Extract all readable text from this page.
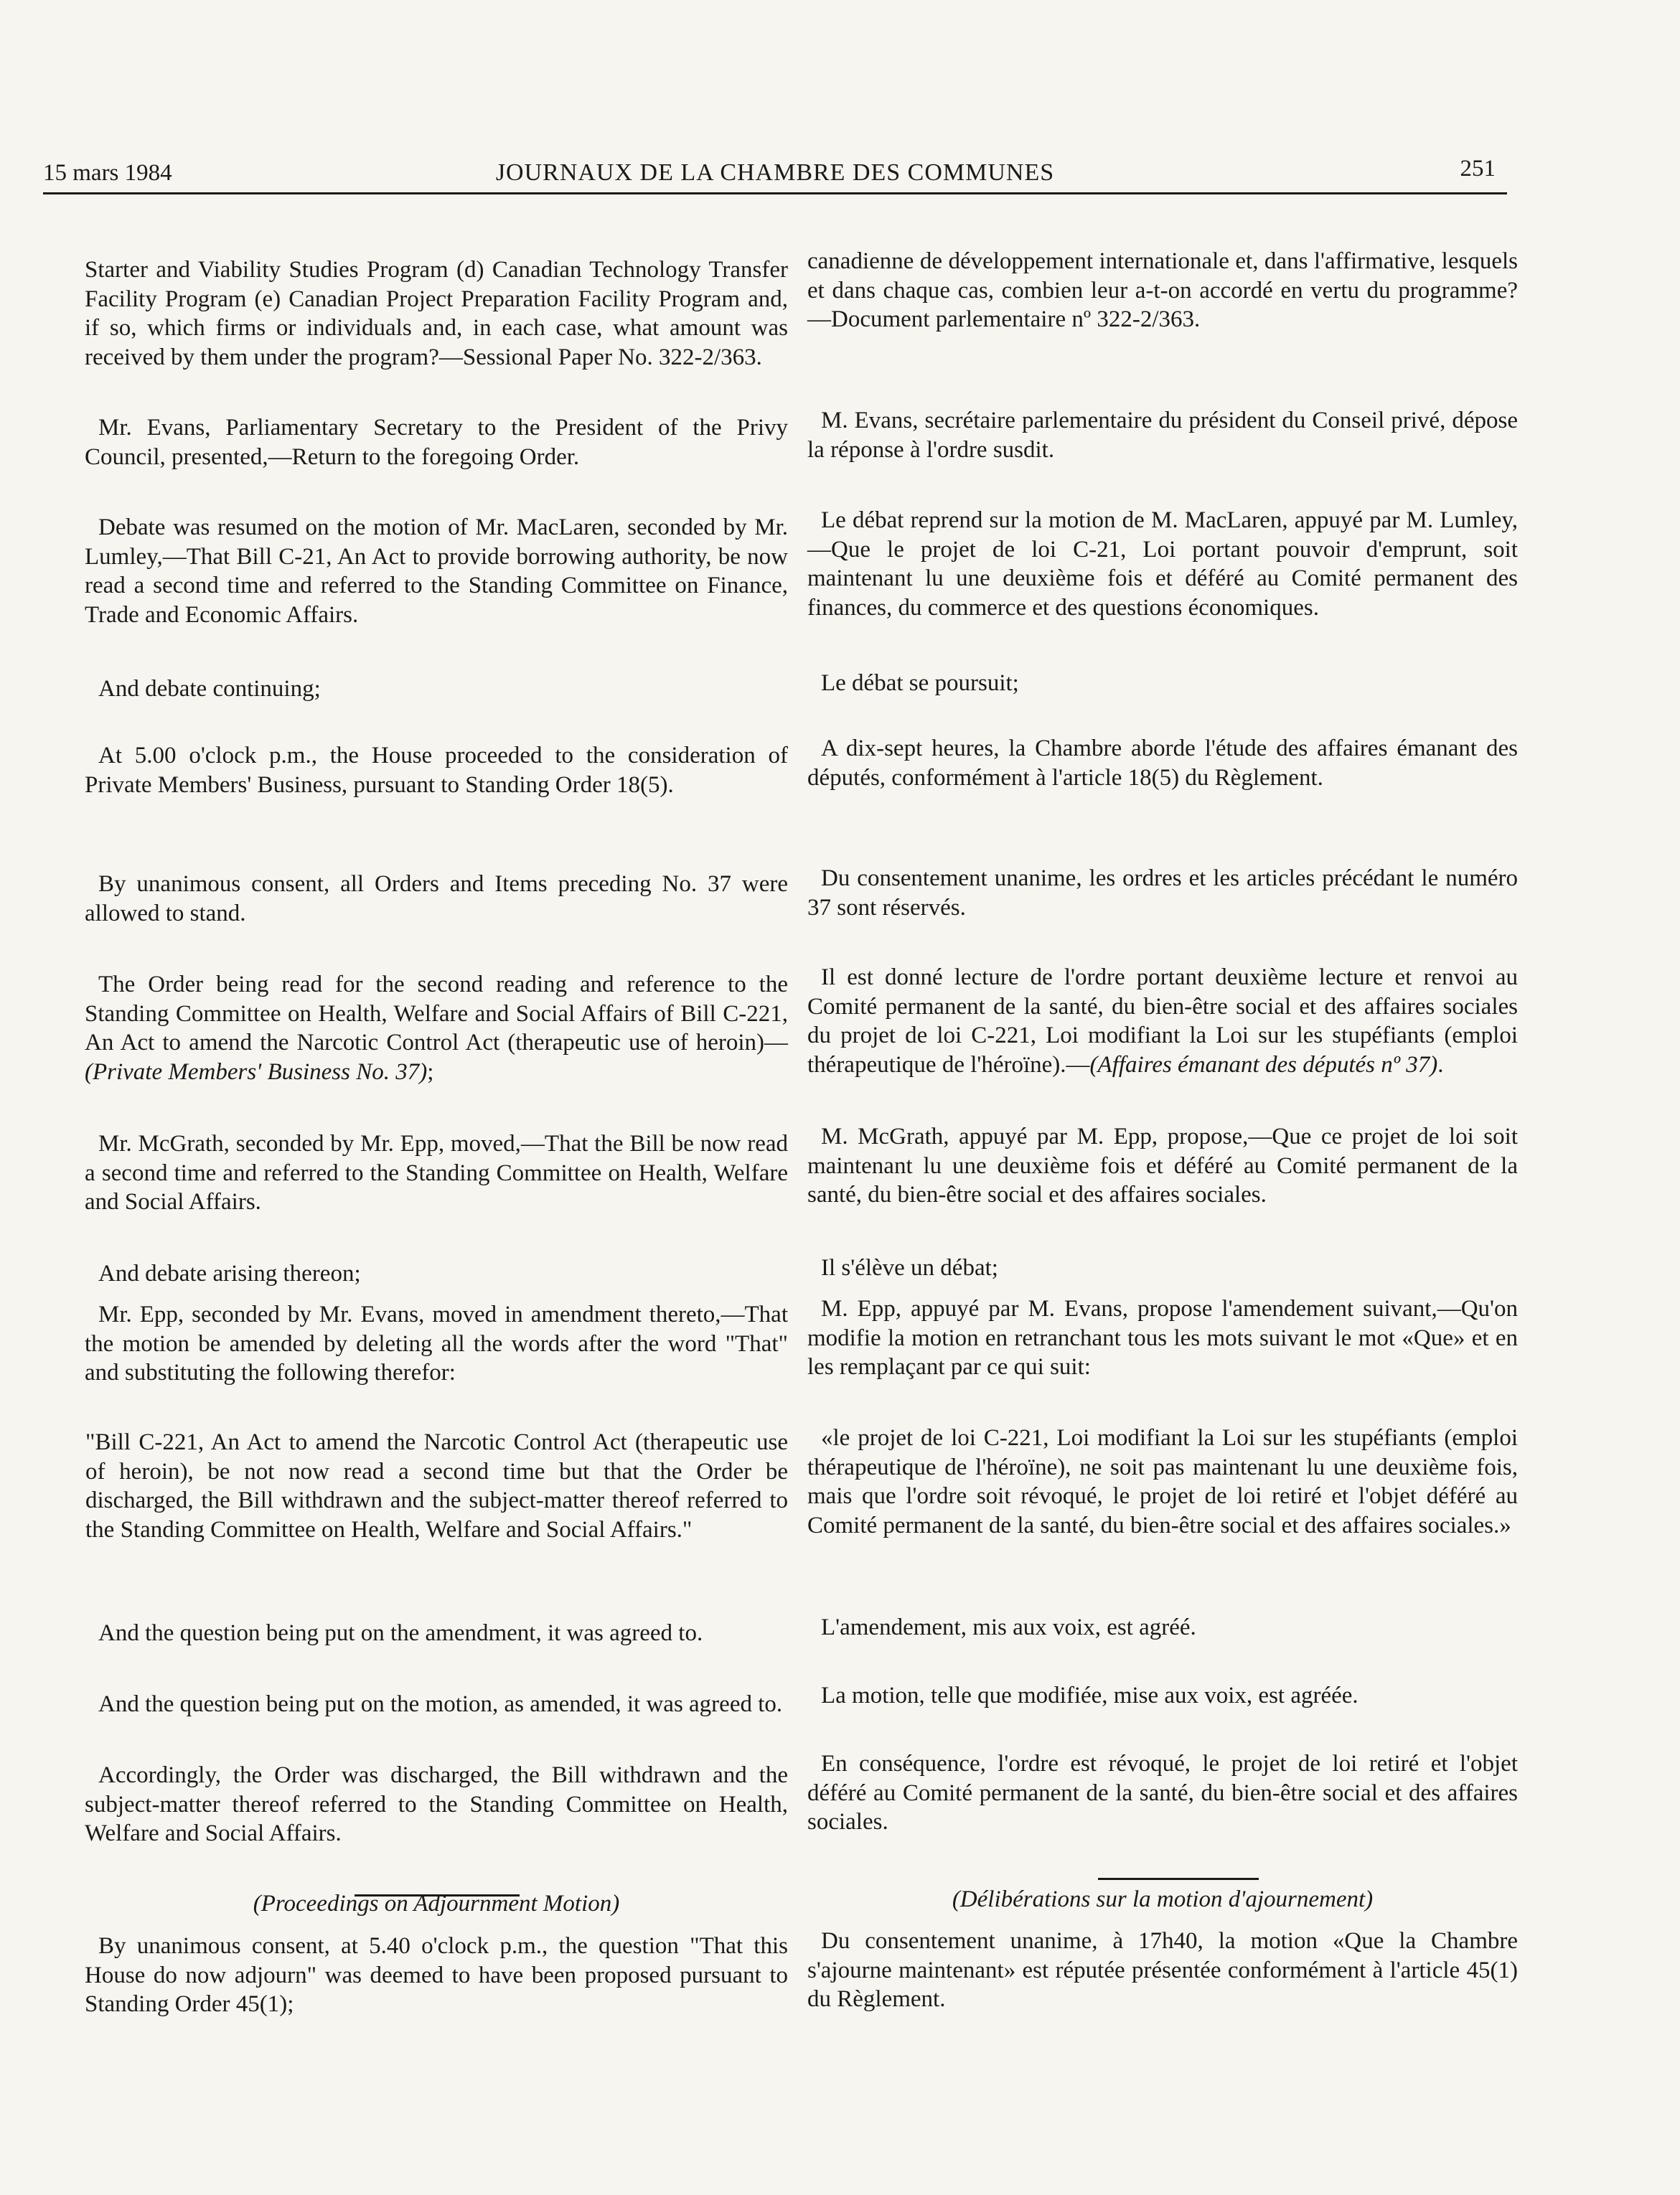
15 mars 1984	JOURNAUX DE LA CHAMBRE DES COMMUNES	251

Starter and Viability Studies Program (d) Canadian Technology Transfer Facility Program (e) Canadian Project Preparation Facility Program and, if so, which firms or individuals and, in each case, what amount was received by them under the program?—Sessional Paper No. 322-2/363.

Mr. Evans, Parliamentary Secretary to the President of the Privy Council, presented,—Return to the foregoing Order.

Debate was resumed on the motion of Mr. MacLaren, seconded by Mr. Lumley,—That Bill C-21, An Act to provide borrowing authority, be now read a second time and referred to the Standing Committee on Finance, Trade and Economic Affairs.

And debate continuing;

At 5.00 o'clock p.m., the House proceeded to the consideration of Private Members' Business, pursuant to Standing Order 18(5).

By unanimous consent, all Orders and Items preceding No. 37 were allowed to stand.

The Order being read for the second reading and reference to the Standing Committee on Health, Welfare and Social Affairs of Bill C-221, An Act to amend the Narcotic Control Act (therapeutic use of heroin)—(Private Members' Business No. 37);

Mr. McGrath, seconded by Mr. Epp, moved,—That the Bill be now read a second time and referred to the Standing Committee on Health, Welfare and Social Affairs.

And debate arising thereon;

Mr. Epp, seconded by Mr. Evans, moved in amendment thereto,—That the motion be amended by deleting all the words after the word "That" and substituting the following therefor:

"Bill C-221, An Act to amend the Narcotic Control Act (therapeutic use of heroin), be not now read a second time but that the Order be discharged, the Bill withdrawn and the subject-matter thereof referred to the Standing Committee on Health, Welfare and Social Affairs."

And the question being put on the amendment, it was agreed to.

And the question being put on the motion, as amended, it was agreed to.

Accordingly, the Order was discharged, the Bill withdrawn and the subject-matter thereof referred to the Standing Committee on Health, Welfare and Social Affairs.

(Proceedings on Adjournment Motion)

By unanimous consent, at 5.40 o'clock p.m., the question "That this House do now adjourn" was deemed to have been proposed pursuant to Standing Order 45(1);

canadienne de développement internationale et, dans l'affirmative, lesquels et dans chaque cas, combien leur a-t-on accordé en vertu du programme?—Document parlementaire nº 322-2/363.

M. Evans, secrétaire parlementaire du président du Conseil privé, dépose la réponse à l'ordre susdit.

Le débat reprend sur la motion de M. MacLaren, appuyé par M. Lumley,—Que le projet de loi C-21, Loi portant pouvoir d'emprunt, soit maintenant lu une deuxième fois et déféré au Comité permanent des finances, du commerce et des questions économiques.

Le débat se poursuit;

A dix-sept heures, la Chambre aborde l'étude des affaires émanant des députés, conformément à l'article 18(5) du Règlement.

Du consentement unanime, les ordres et les articles précédant le numéro 37 sont réservés.

Il est donné lecture de l'ordre portant deuxième lecture et renvoi au Comité permanent de la santé, du bien-être social et des affaires sociales du projet de loi C-221, Loi modifiant la Loi sur les stupéfiants (emploi thérapeutique de l'héroïne).—(Affaires émanant des députés nº 37).

M. McGrath, appuyé par M. Epp, propose,—Que ce projet de loi soit maintenant lu une deuxième fois et déféré au Comité permanent de la santé, du bien-être social et des affaires sociales.

Il s'élève un débat;

M. Epp, appuyé par M. Evans, propose l'amendement suivant,—Qu'on modifie la motion en retranchant tous les mots suivant le mot «Que» et en les remplaçant par ce qui suit:

«le projet de loi C-221, Loi modifiant la Loi sur les stupéfiants (emploi thérapeutique de l'héroïne), ne soit pas maintenant lu une deuxième fois, mais que l'ordre soit révoqué, le projet de loi retiré et l'objet déféré au Comité permanent de la santé, du bien-être social et des affaires sociales.»

L'amendement, mis aux voix, est agréé.

La motion, telle que modifiée, mise aux voix, est agréée.

En conséquence, l'ordre est révoqué, le projet de loi retiré et l'objet déféré au Comité permanent de la santé, du bien-être social et des affaires sociales.

(Délibérations sur la motion d'ajournement)

Du consentement unanime, à 17h40, la motion «Que la Chambre s'ajourne maintenant» est réputée présentée conformément à l'article 45(1) du Règlement.
